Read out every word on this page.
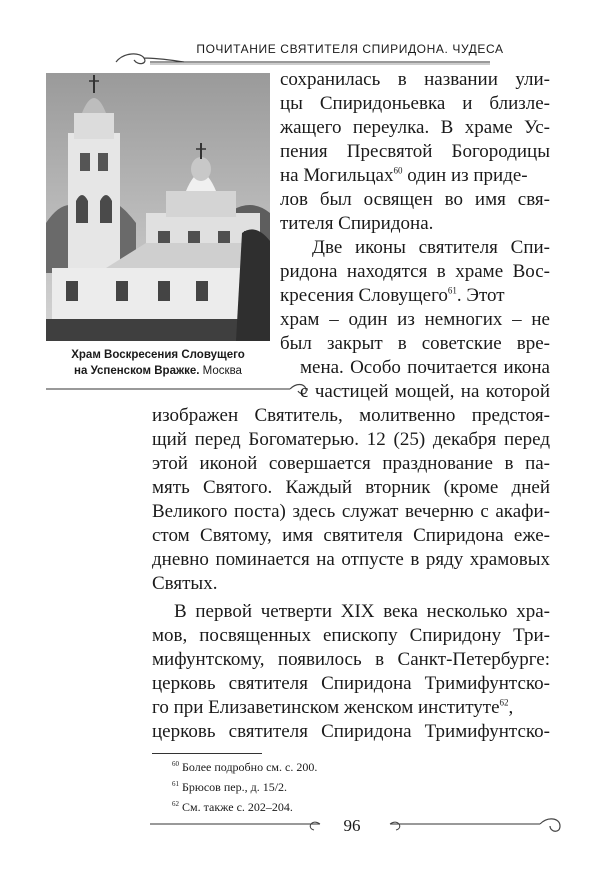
ПОЧИТАНИЕ СВЯТИТЕЛЯ СПИРИДОНА. ЧУДЕСА
Храм Воскресения Словущего
на Успенском Вражке. Москва
сохранилась в названии ули-
цы Спиридоньевка и близле-
жащего переулка. В храме Ус-
пения Пресвятой Богородицы
на Могильцах$^{60}$ один из приде-
лов был освящен во имя свя-
тителя Спиридона.
Две иконы святителя Спи-
ридона находятся в храме Вос-
кресения Словущего$^{61}$. Этот
храм – один из немногих – не
был закрыт в советские вре-
мена. Особо почитается икона
с частицей мощей, на которой
изображен Святитель, молитвенно предстоя-
щий перед Богоматерью. 12 (25) декабря перед
этой иконой совершается празднование в па-
мять Святого. Каждый вторник (кроме дней
Великого поста) здесь служат вечерню с акафи-
стом Святому, имя святителя Спиридона еже-
дневно поминается на отпусте в ряду храмовых
Святых.
В первой четверти XIX века несколько хра-
мов, посвященных епископу Спиридону Три-
мифунтскому, появилось в Санкт-Петербурге:
церковь святителя Спиридона Тримифунтско-
го при Елизаветинском женском институте$^{62}$,
церковь святителя Спиридона Тримифунтско-
$^{60}$ Более подробно см. с. 200.
$^{61}$ Брюсов пер., д. 15/2.
$^{62}$ См. также с. 202–204.
96
